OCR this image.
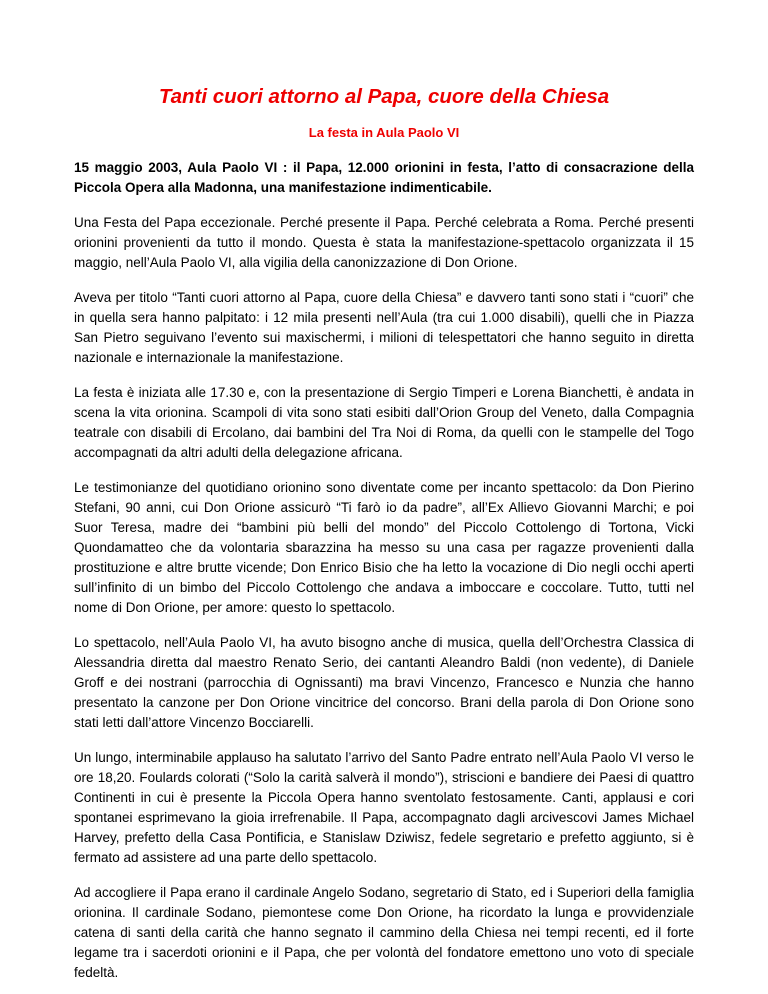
Tanti cuori attorno al Papa, cuore della Chiesa
La festa in Aula Paolo VI

15 maggio 2003, Aula Paolo VI : il Papa, 12.000 orionini in festa, l’atto di consacrazione della Piccola Opera alla Madonna, una manifestazione indimenticabile.

Una Festa del Papa eccezionale. Perché presente il Papa. Perché celebrata a Roma. Perché presenti orionini provenienti da tutto il mondo. Questa è stata la manifestazione-spettacolo organizzata il 15 maggio, nell’Aula Paolo VI, alla vigilia della canonizzazione di Don Orione.

Aveva per titolo “Tanti cuori attorno al Papa, cuore della Chiesa” e davvero tanti sono stati i “cuori” che in quella sera hanno palpitato: i 12 mila presenti nell’Aula (tra cui 1.000 disabili), quelli che in Piazza San Pietro seguivano l’evento sui maxischermi, i milioni di telespettatori che hanno seguito in diretta nazionale e internazionale la manifestazione.

La festa è iniziata alle 17.30 e, con la presentazione di Sergio Timperi e Lorena Bianchetti, è andata in scena la vita orionina. Scampoli di vita sono stati esibiti dall’Orion Group del Veneto, dalla Compagnia teatrale con disabili di Ercolano, dai bambini del Tra Noi di Roma, da quelli con le stampelle del Togo accompagnati da altri adulti della delegazione africana.

Le testimonianze del quotidiano orionino sono diventate come per incanto spettacolo: da Don Pierino Stefani, 90 anni, cui Don Orione assicurò “Ti farò io da padre”, all’Ex Allievo Giovanni Marchi; e poi Suor Teresa, madre dei “bambini più belli del mondo” del Piccolo Cottolengo di Tortona, Vicki Quondamatteo che da volontaria sbarazzina ha messo su una casa per ragazze provenienti dalla prostituzione e altre brutte vicende; Don Enrico Bisio che ha letto la vocazione di Dio negli occhi aperti sull’infinito di un bimbo del Piccolo Cottolengo che andava a imboccare e coccolare. Tutto, tutti nel nome di Don Orione, per amore: questo lo spettacolo.

Lo spettacolo, nell’Aula Paolo VI, ha avuto bisogno anche di musica, quella dell’Orchestra Classica di Alessandria diretta dal maestro Renato Serio, dei cantanti Aleandro Baldi (non vedente), di Daniele Groff e dei nostrani (parrocchia di Ognissanti) ma bravi Vincenzo, Francesco e Nunzia che hanno presentato la canzone per Don Orione vincitrice del concorso. Brani della parola di Don Orione sono stati letti dall’attore Vincenzo Bocciarelli.

Un lungo, interminabile applauso ha salutato l’arrivo del Santo Padre entrato nell’Aula Paolo VI verso le ore 18,20. Foulards colorati (“Solo la carità salverà il mondo”), striscioni e bandiere dei Paesi di quattro Continenti in cui è presente la Piccola Opera hanno sventolato festosamente. Canti, applausi e cori spontanei esprimevano la gioia irrefrenabile. Il Papa, accompagnato dagli arcivescovi James Michael Harvey, prefetto della Casa Pontificia, e Stanislaw Dziwisz, fedele segretario e prefetto aggiunto, si è fermato ad assistere ad una parte dello spettacolo.

Ad accogliere il Papa erano il cardinale Angelo Sodano, segretario di Stato, ed i Superiori della famiglia orionina. Il cardinale Sodano, piemontese come Don Orione, ha ricordato la lunga e provvidenziale catena di santi della carità che hanno segnato il cammino della Chiesa nei tempi recenti, ed il forte legame tra i sacerdoti orionini e il Papa, che per volontà del fondatore emettono uno voto di speciale fedeltà.
